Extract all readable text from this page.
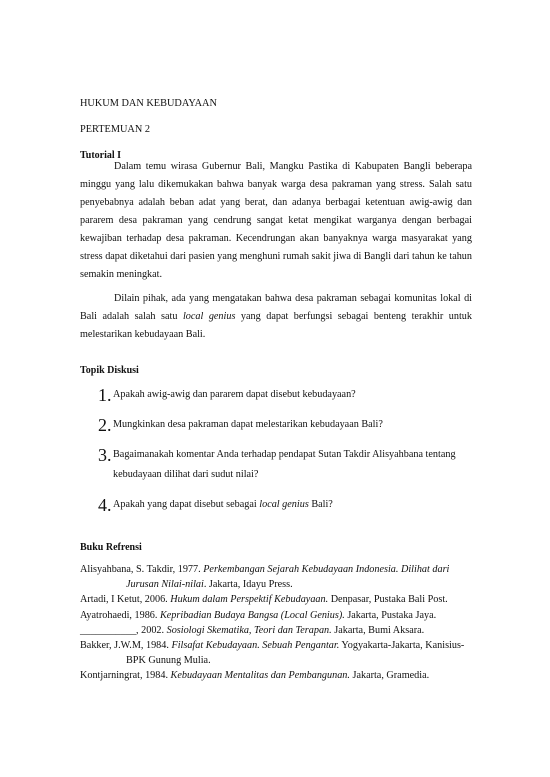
HUKUM DAN KEBUDAYAAN

PERTEMUAN 2

Tutorial I

Dalam temu wirasa Gubernur Bali, Mangku Pastika di Kabupaten Bangli beberapa minggu yang lalu dikemukakan bahwa banyak warga desa pakraman yang stress. Salah satu penyebabnya adalah beban adat yang berat, dan adanya berbagai ketentuan awig-awig dan pararem desa pakraman yang cendrung sangat ketat mengikat warganya dengan berbagai kewajiban terhadap desa pakraman. Kecendrungan akan banyaknya warga masyarakat yang stress dapat diketahui dari pasien yang menghuni rumah sakit jiwa di Bangli dari tahun ke tahun semakin meningkat.

Dilain pihak, ada yang mengatakan bahwa desa pakraman sebagai komunitas lokal di Bali adalah salah satu local genius yang dapat berfungsi sebagai benteng terakhir untuk melestarikan kebudayaan Bali.

Topik Diskusi

1. Apakah awig-awig dan pararem dapat disebut kebudayaan?
2. Mungkinkan desa pakraman dapat melestarikan kebudayaan Bali?
3. Bagaimanakah komentar Anda terhadap pendapat Sutan Takdir Alisyahbana tentang kebudayaan dilihat dari sudut nilai?
4. Apakah yang dapat disebut sebagai local genius Bali?

Buku Refrensi

Alisyahbana, S. Takdir, 1977. Perkembangan Sejarah Kebudayaan Indonesia. Dilihat dari Jurusan Nilai-nilai. Jakarta, Idayu Press.

Artadi, I Ketut, 2006. Hukum dalam Perspektif Kebudayaan. Denpasar, Pustaka Bali Post.

Ayatrohaedi, 1986. Kepribadian Budaya Bangsa (Local Genius). Jakarta, Pustaka Jaya.

___________, 2002. Sosiologi Skematika, Teori dan Terapan. Jakarta, Bumi Aksara.

Bakker, J.W.M, 1984. Filsafat Kebudayaan. Sebuah Pengantar. Yogyakarta-Jakarta, Kanisius-BPK Gunung Mulia.

Kontjarningrat, 1984. Kebudayaan Mentalitas dan Pembangunan. Jakarta, Gramedia.
